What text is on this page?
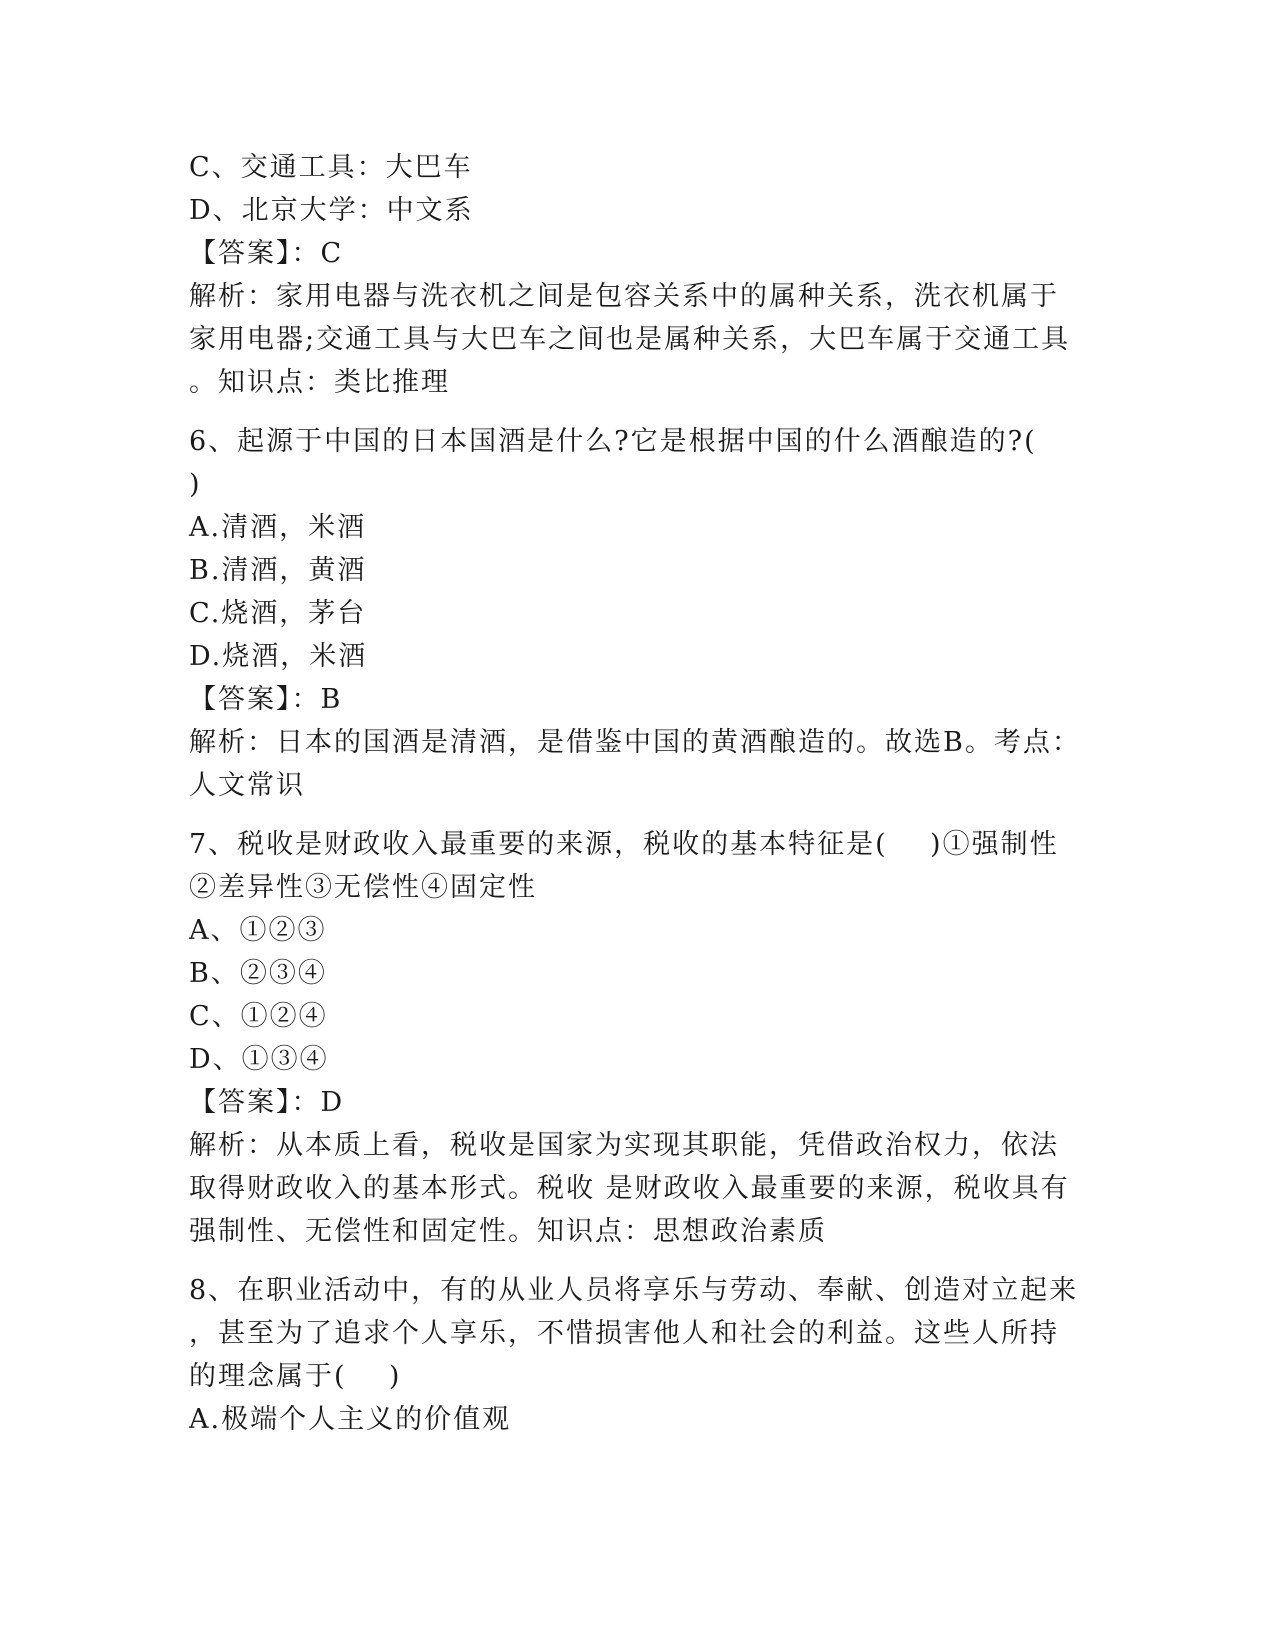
C、交通工具：大巴车
D、北京大学：中文系
【答案】：C
解析：家用电器与洗衣机之间是包容关系中的属种关系，洗衣机属于
家用电器;交通工具与大巴车之间也是属种关系，大巴车属于交通工具
。知识点：类比推理
6、起源于中国的日本国酒是什么?它是根据中国的什么酒酿造的?(
)
A.清酒，米酒
B.清酒，黄酒
C.烧酒，茅台
D.烧酒，米酒
【答案】：B
解析：日本的国酒是清酒，是借鉴中国的黄酒酿造的。故选B。考点：
人文常识
7、税收是财政收入最重要的来源，税收的基本特征是(    )①强制性
②差异性③无偿性④固定性
A、①②③
B、②③④
C、①②④
D、①③④
【答案】：D
解析：从本质上看，税收是国家为实现其职能，凭借政治权力，依法
取得财政收入的基本形式。税收 是财政收入最重要的来源，税收具有
强制性、无偿性和固定性。知识点：思想政治素质
8、在职业活动中，有的从业人员将享乐与劳动、奉献、创造对立起来
，甚至为了追求个人享乐，不惜损害他人和社会的利益。这些人所持
的理念属于(    )
A.极端个人主义的价值观
